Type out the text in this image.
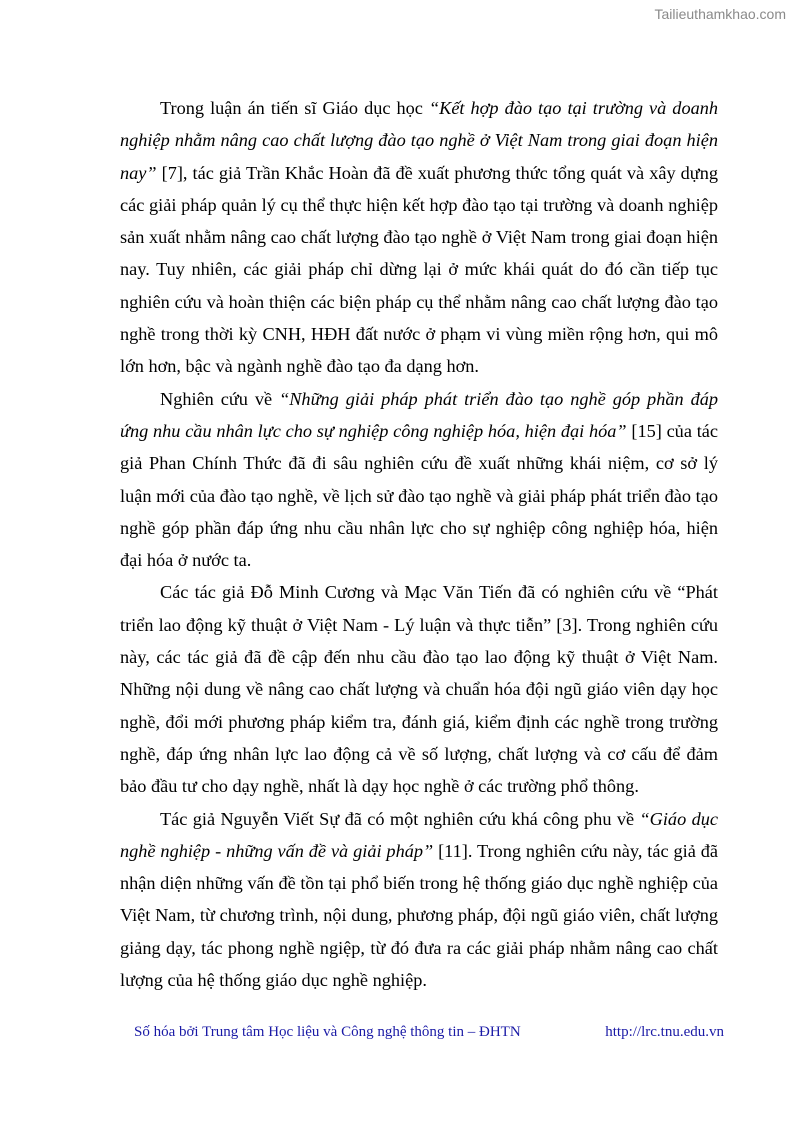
Tailieuthamkhao.com

Trong luận án tiến sĩ Giáo dục học “Kết hợp đào tạo tại trường và doanh nghiệp nhằm nâng cao chất lượng đào tạo nghề ở Việt Nam trong giai đoạn hiện nay” [7], tác giả Trần Khắc Hoàn đã đề xuất phương thức tổng quát và xây dựng các giải pháp quản lý cụ thể thực hiện kết hợp đào tạo tại trường và doanh nghiệp sản xuất nhằm nâng cao chất lượng đào tạo nghề ở Việt Nam trong giai đoạn hiện nay. Tuy nhiên, các giải pháp chỉ dừng lại ở mức khái quát do đó cần tiếp tục nghiên cứu và hoàn thiện các biện pháp cụ thể nhằm nâng cao chất lượng đào tạo nghề trong thời kỳ CNH, HĐH đất nước ở phạm vi vùng miền rộng hơn, qui mô lớn hơn, bậc và ngành nghề đào tạo đa dạng hơn.

Nghiên cứu về “Những giải pháp phát triển đào tạo nghề góp phần đáp ứng nhu cầu nhân lực cho sự nghiệp công nghiệp hóa, hiện đại hóa” [15] của tác giả Phan Chính Thức đã đi sâu nghiên cứu đề xuất những khái niệm, cơ sở lý luận mới của đào tạo nghề, về lịch sử đào tạo nghề và giải pháp phát triển đào tạo nghề góp phần đáp ứng nhu cầu nhân lực cho sự nghiệp công nghiệp hóa, hiện đại hóa ở nước ta.

Các tác giả Đỗ Minh Cương và Mạc Văn Tiến đã có nghiên cứu về “Phát triển lao động kỹ thuật ở Việt Nam - Lý luận và thực tiễn” [3]. Trong nghiên cứu này, các tác giả đã đề cập đến nhu cầu đào tạo lao động kỹ thuật ở Việt Nam. Những nội dung về nâng cao chất lượng và chuẩn hóa đội ngũ giáo viên dạy học nghề, đổi mới phương pháp kiểm tra, đánh giá, kiểm định các nghề trong trường nghề, đáp ứng nhân lực lao động cả về số lượng, chất lượng và cơ cấu để đảm bảo đầu tư cho dạy nghề, nhất là dạy học nghề ở các trường phổ thông.

Tác giả Nguyễn Viết Sự đã có một nghiên cứu khá công phu về “Giáo dục nghề nghiệp - những vấn đề và giải pháp” [11]. Trong nghiên cứu này, tác giả đã nhận diện những vấn đề tồn tại phổ biến trong hệ thống giáo dục nghề nghiệp của Việt Nam, từ chương trình, nội dung, phương pháp, đội ngũ giáo viên, chất lượng giảng dạy, tác phong nghề ngiệp, từ đó đưa ra các giải pháp nhằm nâng cao chất lượng của hệ thống giáo dục nghề nghiệp.

Số hóa bởi Trung tâm Học liệu và Công nghệ thông tin – ĐHTN	http://lrc.tnu.edu.vn
